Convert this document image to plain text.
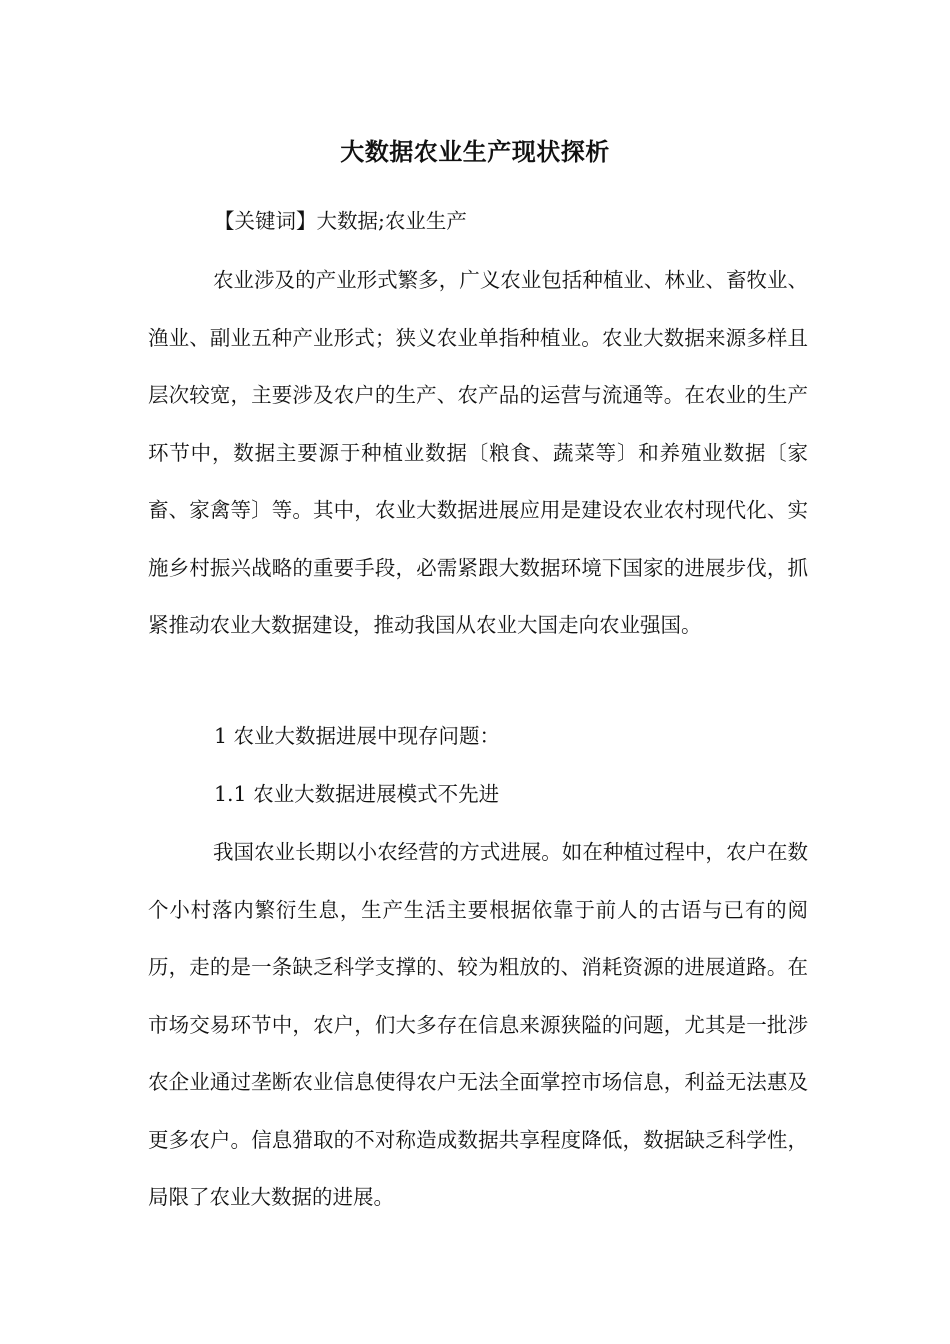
大数据农业生产现状探析
【关键词】大数据;农业生产

农业涉及的产业形式繁多，广义农业包括种植业、林业、畜牧业、渔业、副业五种产业形式；狭义农业单指种植业。农业大数据来源多样且层次较宽，主要涉及农户的生产、农产品的运营与流通等。在农业的生产环节中，数据主要源于种植业数据〔粮食、蔬菜等〕和养殖业数据〔家畜、家禽等〕等。其中，农业大数据进展应用是建设农业农村现代化、实施乡村振兴战略的重要手段，必需紧跟大数据环境下国家的进展步伐，抓紧推动农业大数据建设，推动我国从农业大国走向农业强国。

1 农业大数据进展中现存问题：
1.1 农业大数据进展模式不先进

我国农业长期以小农经营的方式进展。如在种植过程中，农户在数个小村落内繁衍生息，生产生活主要根据依靠于前人的古语与已有的阅历，走的是一条缺乏科学支撑的、较为粗放的、消耗资源的进展道路。在市场交易环节中，农户，们大多存在信息来源狭隘的问题，尤其是一批涉农企业通过垄断农业信息使得农户无法全面掌控市场信息，利益无法惠及更多农户。信息猎取的不对称造成数据共享程度降低，数据缺乏科学性，局限了农业大数据的进展。
